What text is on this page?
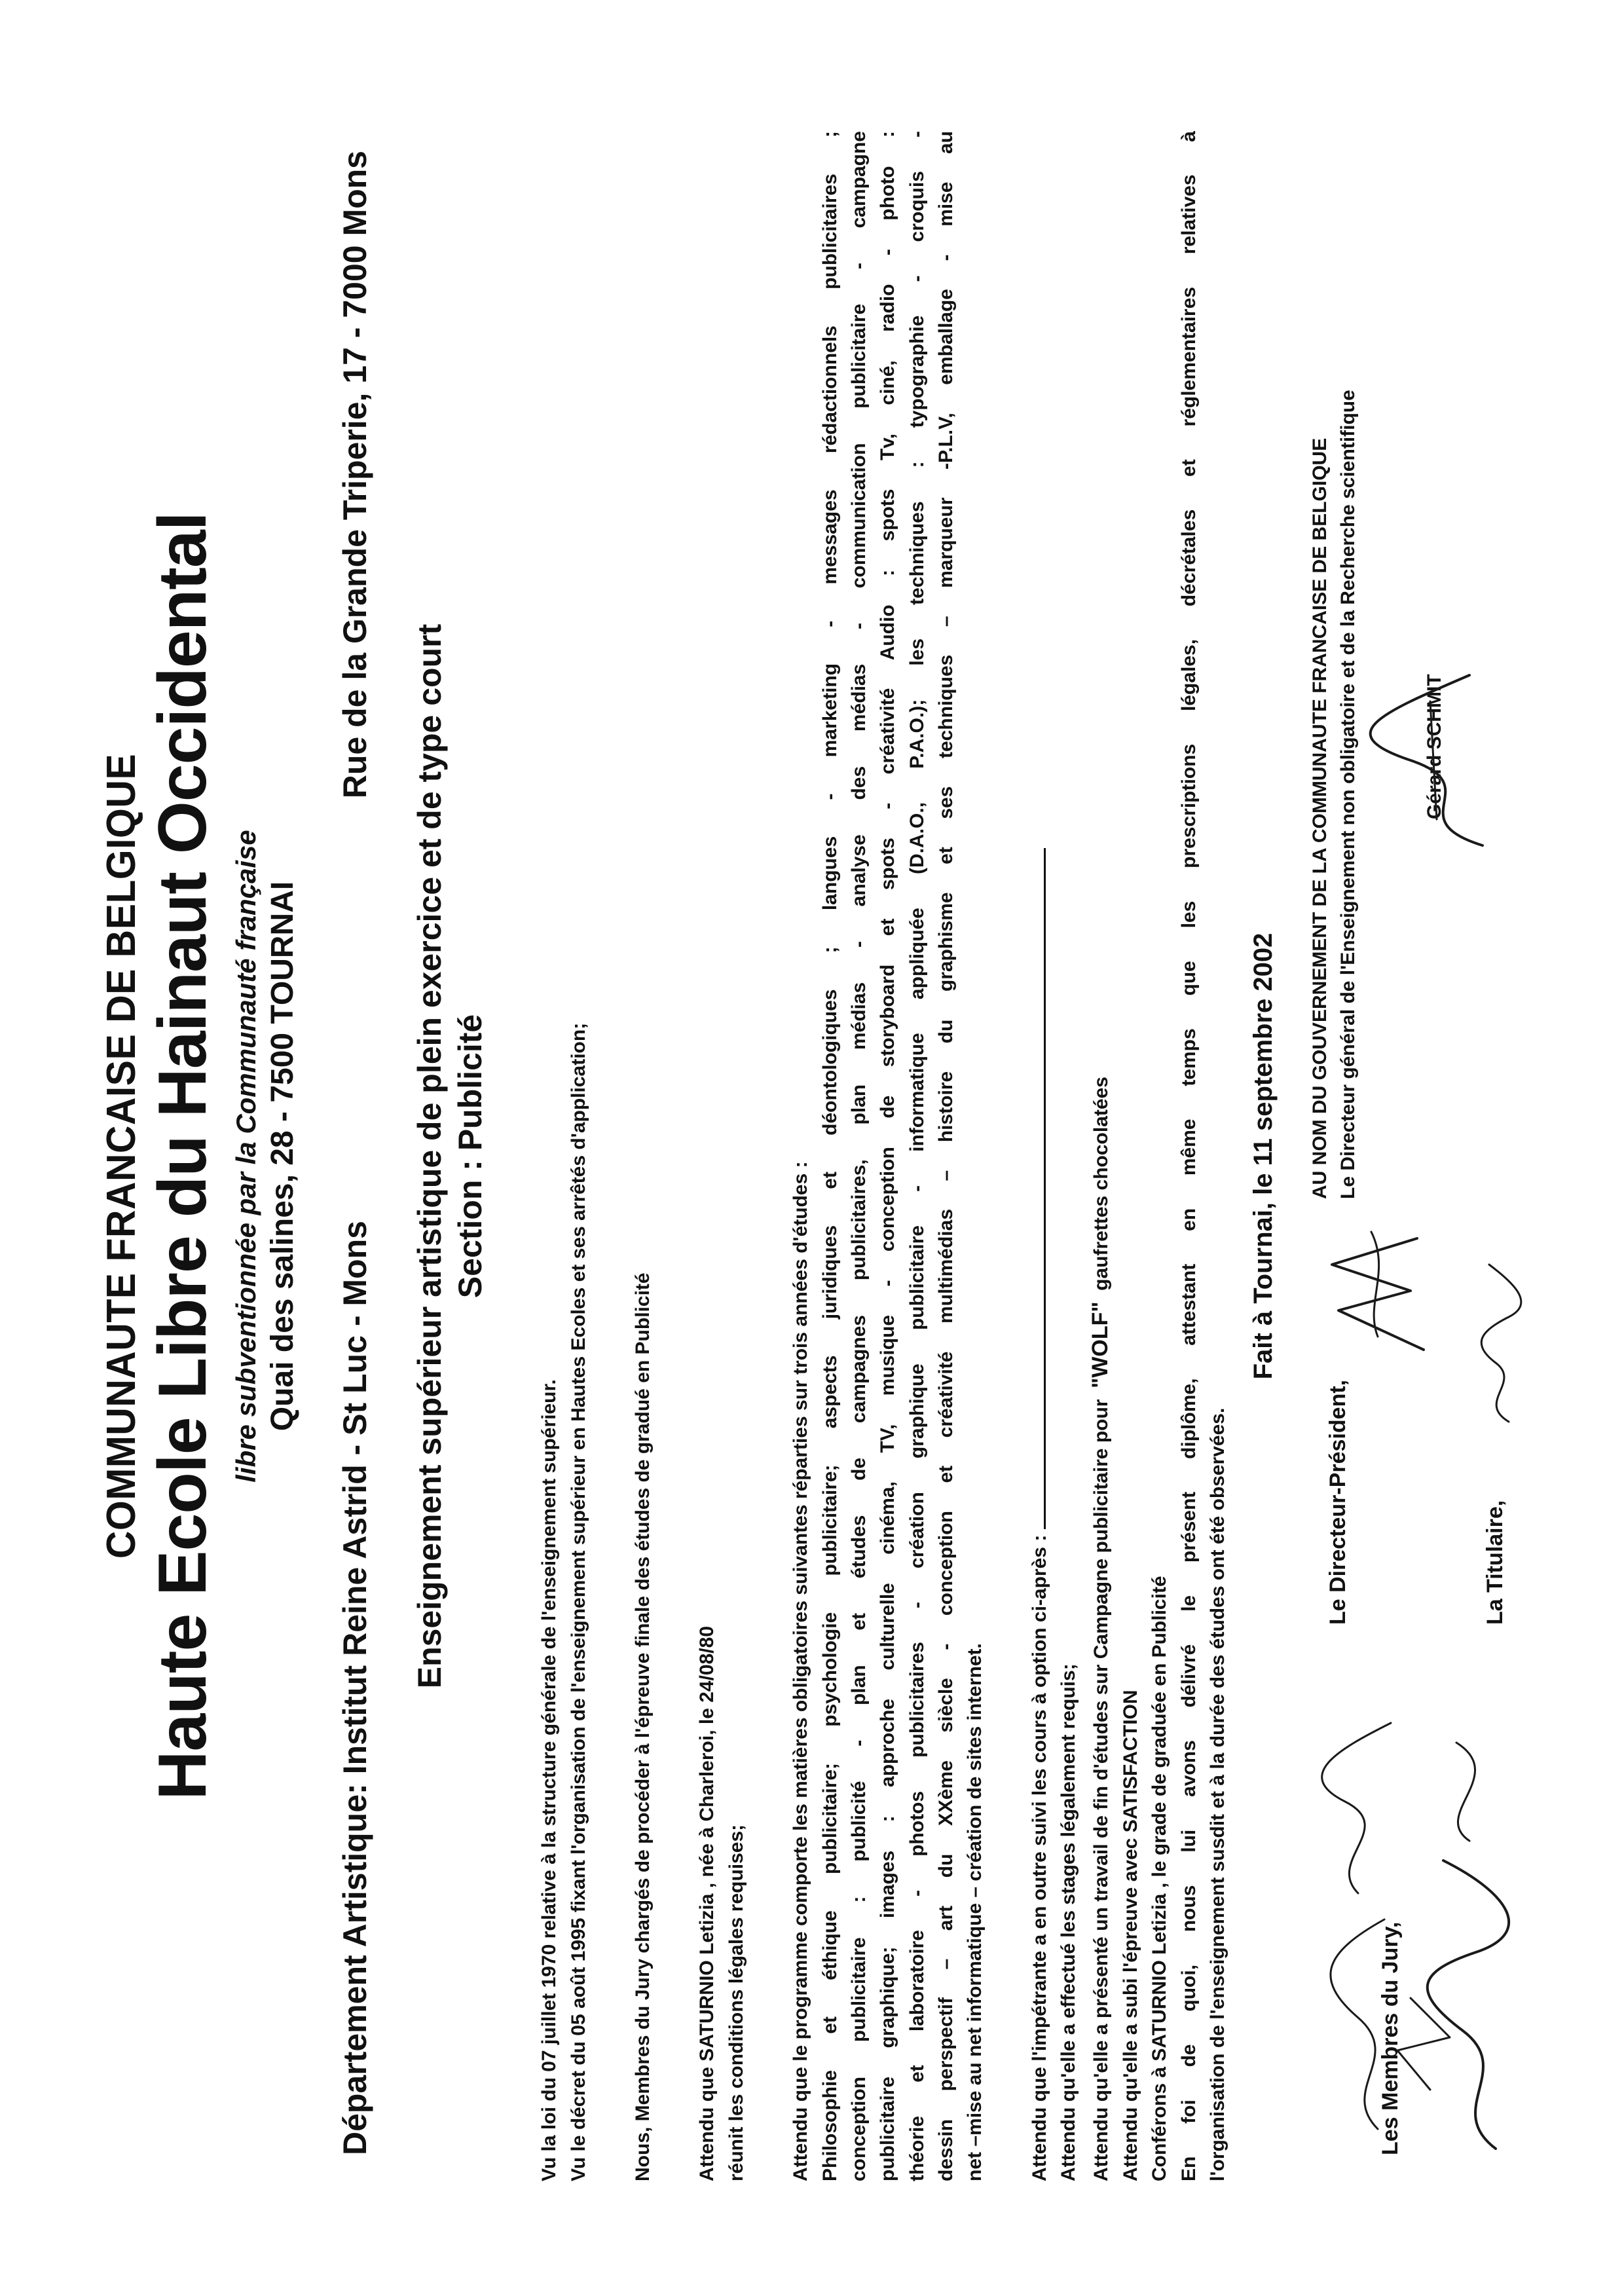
COMMUNAUTE FRANCAISE DE BELGIQUE Haute Ecole Libre du Hainaut Occidental libre subventionnée par la Communauté française Quai des salines, 28 - 7500 TOURNAI

Département Artistique: Institut Reine Astrid - St Luc - Mons
Rue de la Grande Triperie, 17 - 7000 Mons

Enseignement supérieur artistique de plein exercice et de type court Section : Publicité

Vu la loi du 07 juillet 1970 relative à la structure générale de l'enseignement supérieur. Vu le décret du 05 août 1995 fixant l'organisation de l'enseignement supérieur en Hautes Ecoles et ses arrêtés d'application; Nous, Membres du Jury chargés de procéder à l'épreuve finale des études de gradué en Publicité Attendu que SATURNIO Letizia , née à Charleroi, le 24/08/80 réunit les conditions légales requises; Attendu que le programme comporte les matières obligatoires suivantes réparties sur trois années d'études : Philosophie et éthique publicitaire; psychologie publicitaire; aspects juridiques et déontologiques ; langues - marketing - messages rédactionnels publicitaires ; conception publicitaire : publicité - plan et études de campagnes publicitaires, plan médias - analyse des médias - communication publicitaire - campagne publicitaire graphique; images : approche culturelle cinéma, TV, musique - conception de storyboard et spots - créativité Audio : spots Tv, ciné, radio - photo : théorie et laboratoire - photos publicitaires - création graphique publicitaire - informatique appliquée (D.A.O., P.A.O.); les techniques : typographie - croquis - dessin perspectif – art du XXème siècle - conception et créativité multimédias – histoire du graphisme et ses techniques – marqueur -P.L.V, emballage - mise au net –mise au net informatique – création de sites internet. Attendu que l'impétrante a en outre suivi les cours à option ci-après : Attendu qu'elle a effectué les stages légalement requis; Attendu qu'elle a présenté un travail de fin d'études sur Campagne publicitaire pour  "WOLF"  gaufrettes chocolatées
Attendu qu'elle a subi l'épreuve avec SATISFACTION Conférons à SATURNIO Letizia , le grade de graduée en Publicité En foi de quoi, nous lui avons délivré le présent diplôme, attestant en même temps que les prescriptions légales, décrétales et réglementaires relatives à l'organisation de l'enseignement susdit et à la durée des études ont été observées.

Fait à Tournai, le 11 septembre 2002

Les Membres du Jury,
Le Directeur-Président,	La Titulaire,
AU NOM DU GOUVERNEMENT DE LA COMMUNAUTE FRANCAISE DE BELGIQUE Le Directeur général de l'Enseignement non obligatoire et de la Recherche scientifique	Gérard SCHMIT
